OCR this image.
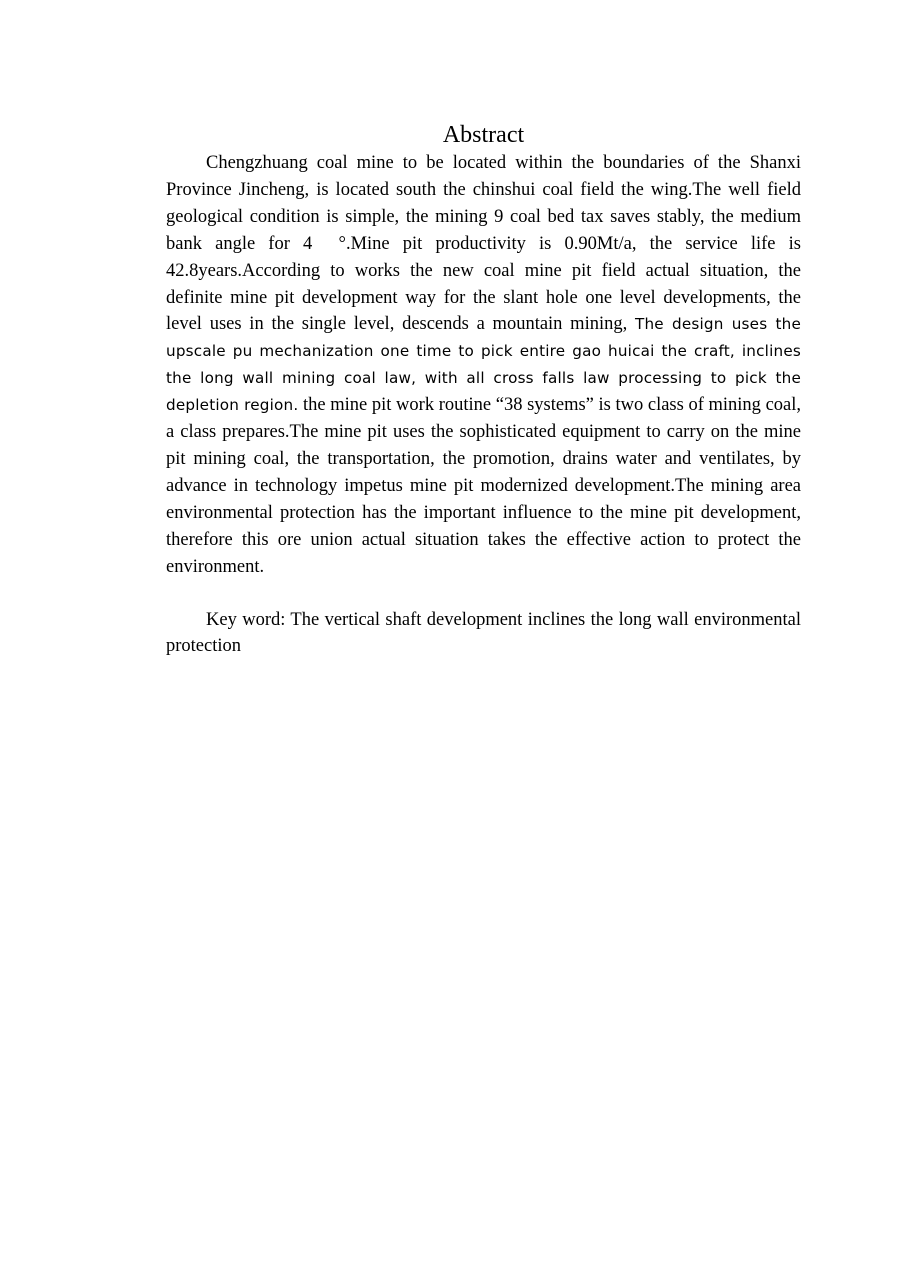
Abstract

Chengzhuang coal mine to be located within the boundaries of the Shanxi Province Jincheng, is located south the chinshui coal field the wing.The well field geological condition is simple, the mining 9 coal bed tax saves stably, the medium bank angle for 4  °.Mine pit productivity is 0.90Mt/a, the service life is 42.8years.According to works the new coal mine pit field actual situation, the definite mine pit development way for the slant hole one level developments, the level uses in the single level, descends a mountain mining, The design uses the upscale pu mechanization one time to pick entire gao huicai the craft, inclines the long wall mining coal law, with all cross falls law processing to pick the depletion region. the mine pit work routine “38 systems” is two class of mining coal, a class prepares.The mine pit uses the sophisticated equipment to carry on the mine pit mining coal, the transportation, the promotion, drains water and ventilates, by advance in technology impetus mine pit modernized development.The mining area environmental protection has the important influence to the mine pit development, therefore this ore union actual situation takes the effective action to protect the environment.

Key word: The vertical shaft development inclines the long wall environmental protection
